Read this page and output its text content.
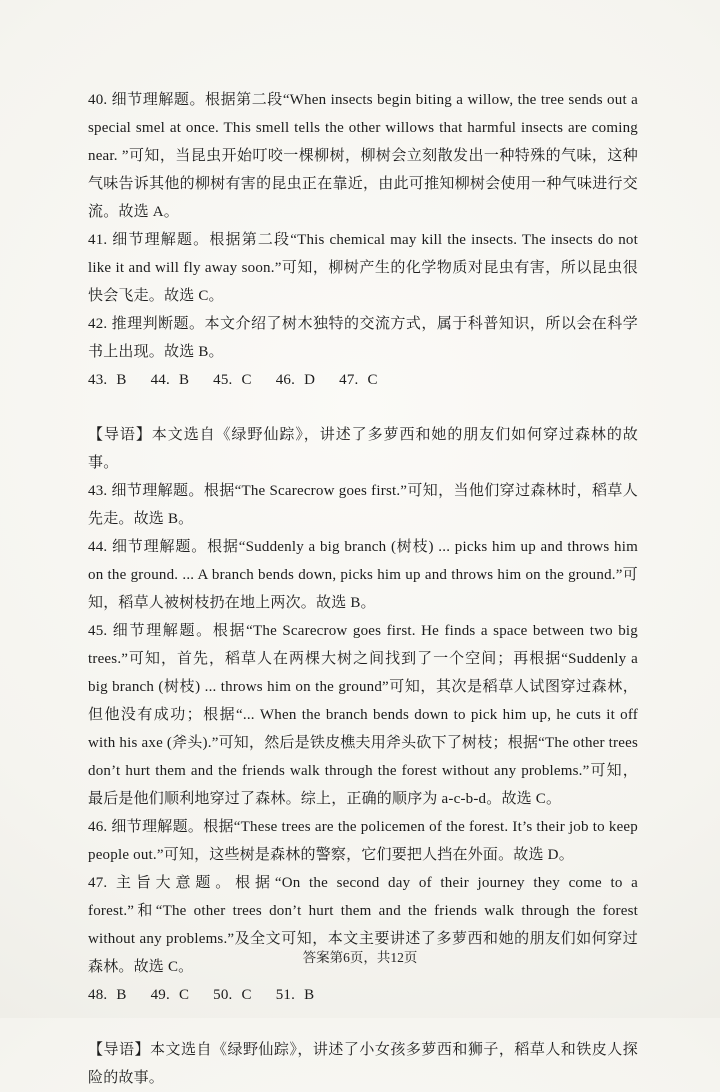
40. 细节理解题。根据第二段“When insects begin biting a willow, the tree sends out a special smel at once. This smell tells the other willows that harmful insects are coming near. ”可知，当昆虫开始叮咬一棵柳树，柳树会立刻散发出一种特殊的气味，这种气味告诉其他的柳树有害的昆虫正在靠近，由此可推知柳树会使用一种气味进行交流。故选 A。

41. 细节理解题。根据第二段“This chemical may kill the insects. The insects do not like it and will fly away soon.”可知，柳树产生的化学物质对昆虫有害，所以昆虫很快会飞走。故选 C。

42. 推理判断题。本文介绍了树木独特的交流方式，属于科普知识，所以会在科学书上出现。故选 B。

43. B 44. B 45. C 46. D 47. C

【导语】本文选自《绿野仙踪》，讲述了多萝西和她的朋友们如何穿过森林的故事。

43. 细节理解题。根据“The Scarecrow goes first.”可知，当他们穿过森林时，稻草人先走。故选 B。

44. 细节理解题。根据“Suddenly a big branch (树枝) ... picks him up and throws him on the ground. ... A branch bends down, picks him up and throws him on the ground.”可知，稻草人被树枝扔在地上两次。故选 B。

45. 细节理解题。根据“The Scarecrow goes first. He finds a space between two big trees.”可知，首先，稻草人在两棵大树之间找到了一个空间；再根据“Suddenly a big branch (树枝) ... throws him on the ground”可知，其次是稻草人试图穿过森林，但他没有成功；根据“... When the branch bends down to pick him up, he cuts it off with his axe (斧头).”可知，然后是铁皮樵夫用斧头砍下了树枝；根据“The other trees don’t hurt them and the friends walk through the forest without any problems.”可知，最后是他们顺利地穿过了森林。综上，正确的顺序为 a-c-b-d。故选 C。

46. 细节理解题。根据“These trees are the policemen of the forest. It’s their job to keep people out.”可知，这些树是森林的警察，它们要把人挡在外面。故选 D。

47. 主旨大意题。根据“On the second day of their journey they come to a forest.”和“The other trees don’t hurt them and the friends walk through the forest without any problems.”及全文可知，本文主要讲述了多萝西和她的朋友们如何穿过森林。故选 C。

48. B 49. C 50. C 51. B

【导语】本文选自《绿野仙踪》，讲述了小女孩多萝西和狮子，稻草人和铁皮人探险的故事。

答案第6页，共12页
